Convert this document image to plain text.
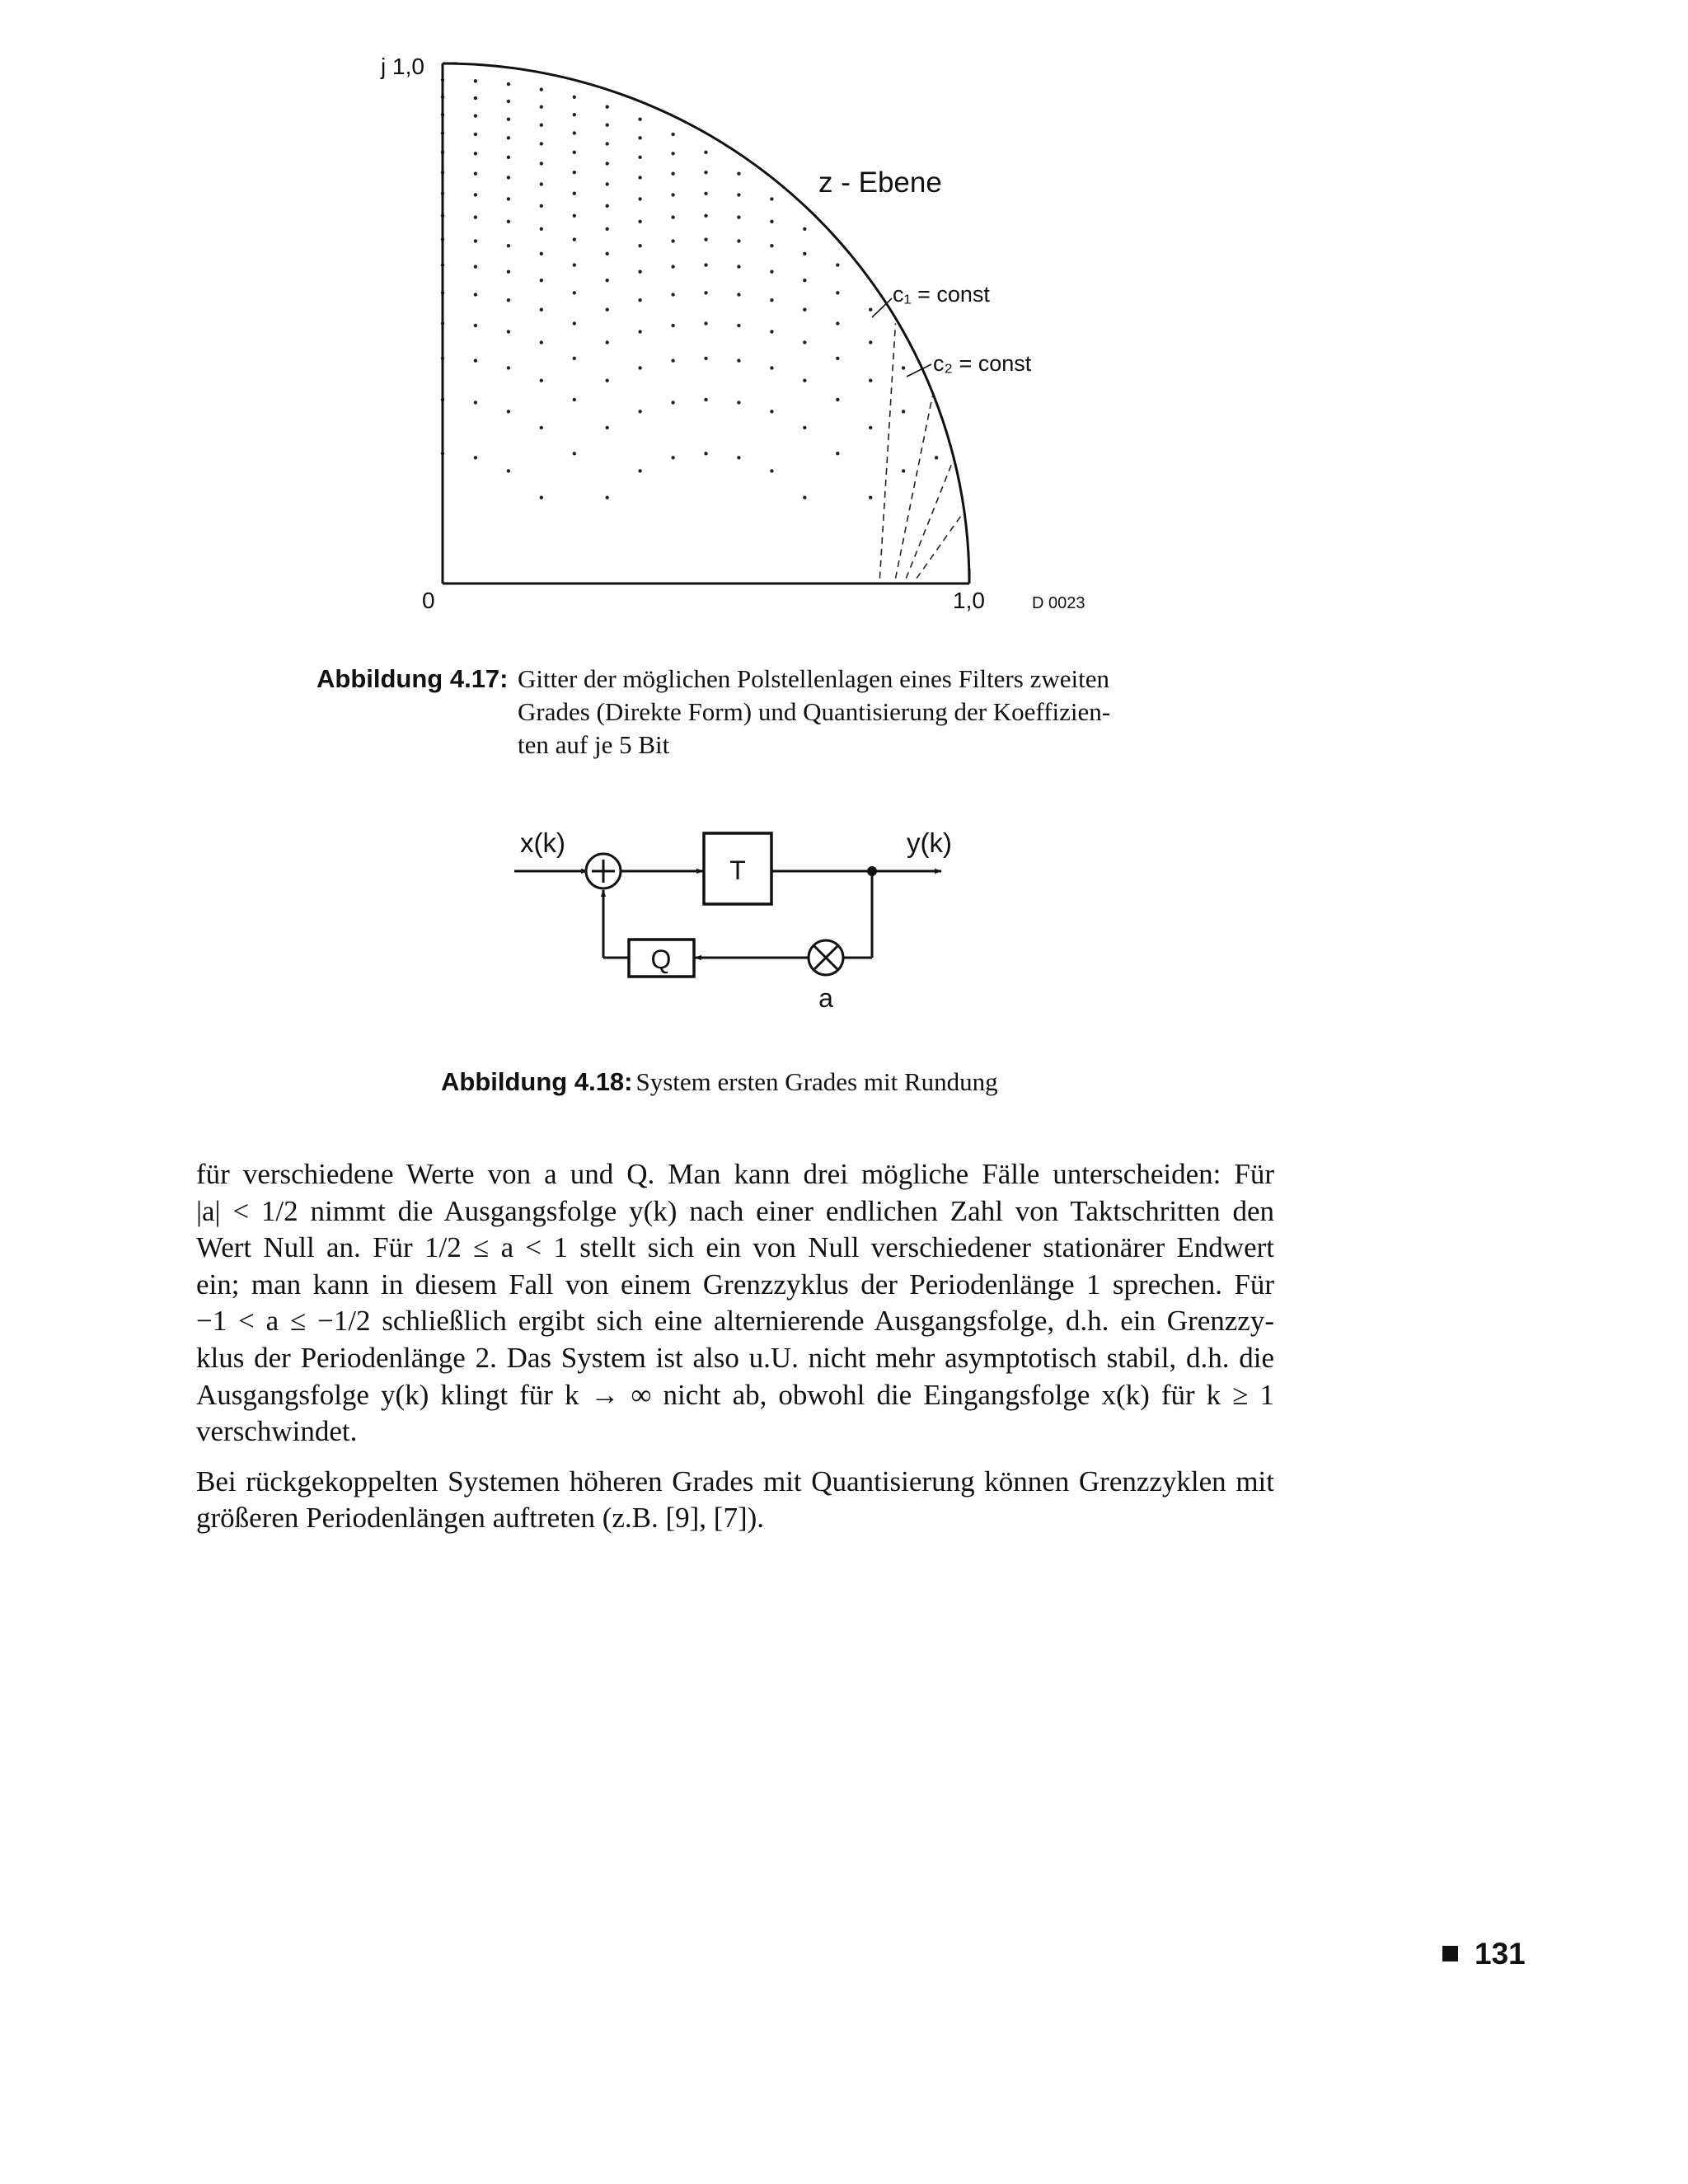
j 1,0
0	1,0
z - Ebene
c₁ = const
c₂ = const
D 0023
Abbildung 4.17: Gitter der möglichen Polstellenlagen eines Filters zweiten
Grades (Direkte Form) und Quantisierung der Koeffizien-
ten auf je 5 Bit
T
a
Q
x(k)	y(k)
Abbildung 4.18: System ersten Grades mit Rundung

für verschiedene Werte von a und Q. Man kann drei mögliche Fälle unterscheiden: Für
|a| < 1/2 nimmt die Ausgangsfolge y(k) nach einer endlichen Zahl von Taktschritten den
Wert Null an. Für 1/2 ≤ a < 1 stellt sich ein von Null verschiedener stationärer Endwert
ein; man kann in diesem Fall von einem Grenzzyklus der Periodenlänge 1 sprechen. Für
−1 < a ≤ −1/2 schließlich ergibt sich eine alternierende Ausgangsfolge, d.h. ein Grenzzy-
klus der Periodenlänge 2. Das System ist also u.U. nicht mehr asymptotisch stabil, d.h. die
Ausgangsfolge y(k) klingt für k → ∞ nicht ab, obwohl die Eingangsfolge x(k) für k ≥ 1
verschwindet.

Bei rückgekoppelten Systemen höheren Grades mit Quantisierung können Grenzzyklen mit
größeren Periodenlängen auftreten (z.B. [9], [7]).

131
